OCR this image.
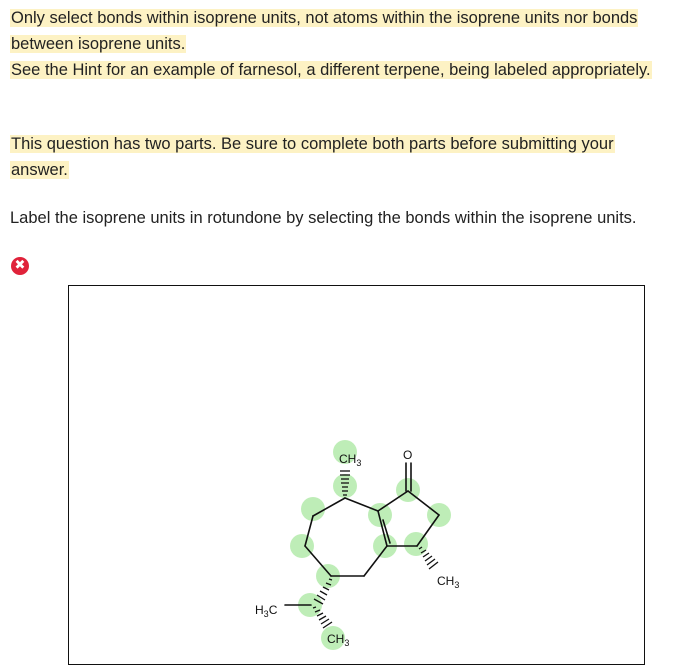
Only select bonds within isoprene units, not atoms within the isoprene units nor bonds between isoprene units.
See the Hint for an example of farnesol, a different terpene, being labeled appropriately.
This question has two parts. Be sure to complete both parts before submitting your answer.
Label the isoprene units in rotundone by selecting the bonds within the isoprene units.
✖
$CH_3$
O
$CH_3$
$H_3C$
$CH_3$
